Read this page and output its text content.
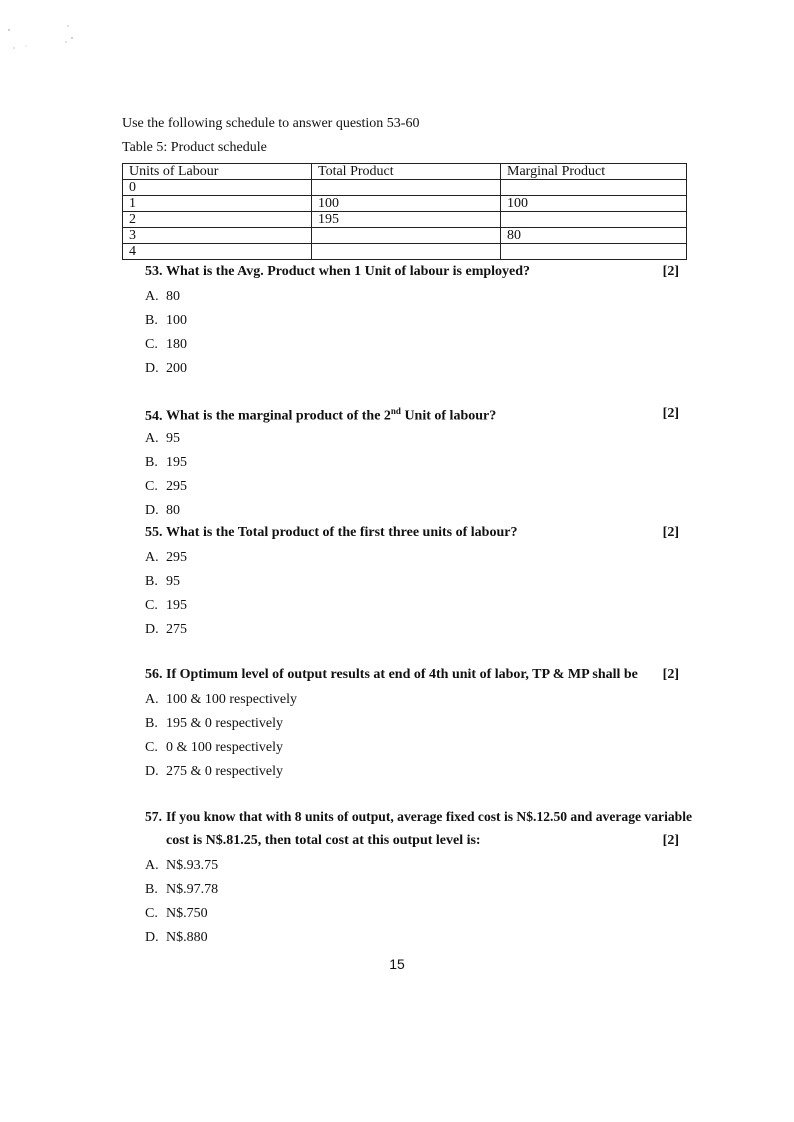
Use the following schedule to answer question 53-60
Table 5: Product schedule
Units of Labour	Total Product	Marginal Product
0		
1	100	100
2	195	
3		80
4		
53. What is the Avg. Product when 1 Unit of labour is employed?	[2]
A. 80
B. 100
C. 180
D. 200
54. What is the marginal product of the 2nd Unit of labour?	[2]
A. 95
B. 195
C. 295
D. 80
55. What is the Total product of the first three units of labour?	[2]
A. 295
B. 95
C. 195
D. 275
56. If Optimum level of output results at end of 4th unit of labor, TP & MP shall be [2]
A. 100 & 100 respectively
B. 195 & 0 respectively
C. 0 & 100 respectively
D. 275 & 0 respectively
57. If you know that with 8 units of output, average fixed cost is N$.12.50 and average variable
cost is N$.81.25, then total cost at this output level is:	[2]
A. N$.93.75
B. N$.97.78
C. N$.750
D. N$.880
15
